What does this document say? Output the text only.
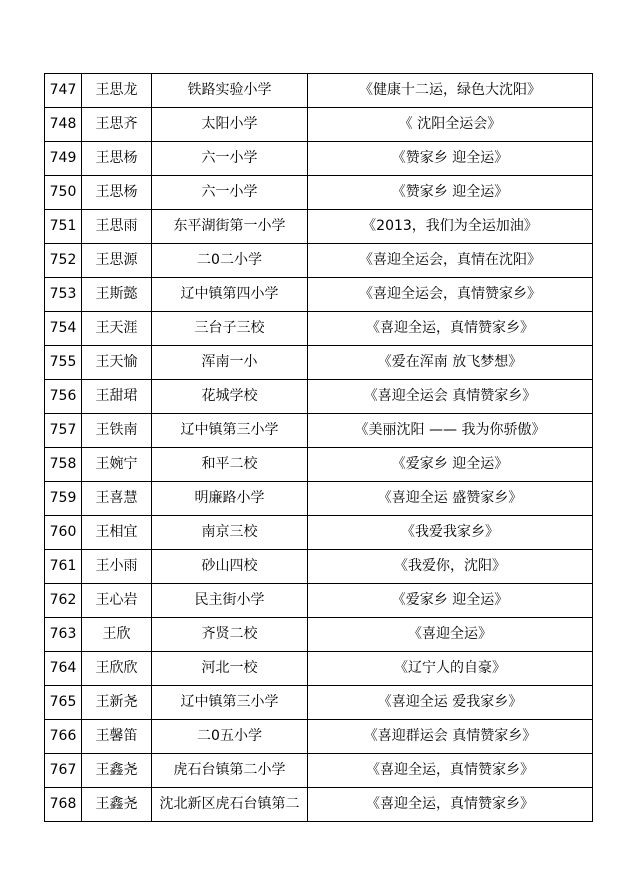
747	王思龙	铁路实验小学	《健康十二运，绿色大沈阳》
748	王思齐	太阳小学	《 沈阳全运会》
749	王思杨	六一小学	《赞家乡 迎全运》
750	王思杨	六一小学	《赞家乡 迎全运》
751	王思雨	东平湖街第一小学	《2013，我们为全运加油》
752	王思源	二0二小学	《喜迎全运会，真情在沈阳》
753	王斯懿	辽中镇第四小学	《喜迎全运会，真情赞家乡》
754	王天涯	三台子三校	《喜迎全运，真情赞家乡》
755	王天愉	浑南一小	《爱在浑南 放飞梦想》
756	王甜珺	花城学校	《喜迎全运会 真情赞家乡》
757	王铁南	辽中镇第三小学	《美丽沈阳 —— 我为你骄傲》
758	王婉宁	和平二校	《爱家乡 迎全运》
759	王喜慧	明廉路小学	《喜迎全运 盛赞家乡》
760	王相宜	南京三校	《我爱我家乡》
761	王小雨	砂山四校	《我爱你，沈阳》
762	王心岩	民主街小学	《爱家乡 迎全运》
763	王欣	齐贤二校	《喜迎全运》
764	王欣欣	河北一校	《辽宁人的自豪》
765	王新尧	辽中镇第三小学	《喜迎全运 爱我家乡》
766	王馨笛	二0五小学	《喜迎群运会 真情赞家乡》
767	王鑫尧	虎石台镇第二小学	《喜迎全运，真情赞家乡》
768	王鑫尧	沈北新区虎石台镇第二	《喜迎全运，真情赞家乡》
